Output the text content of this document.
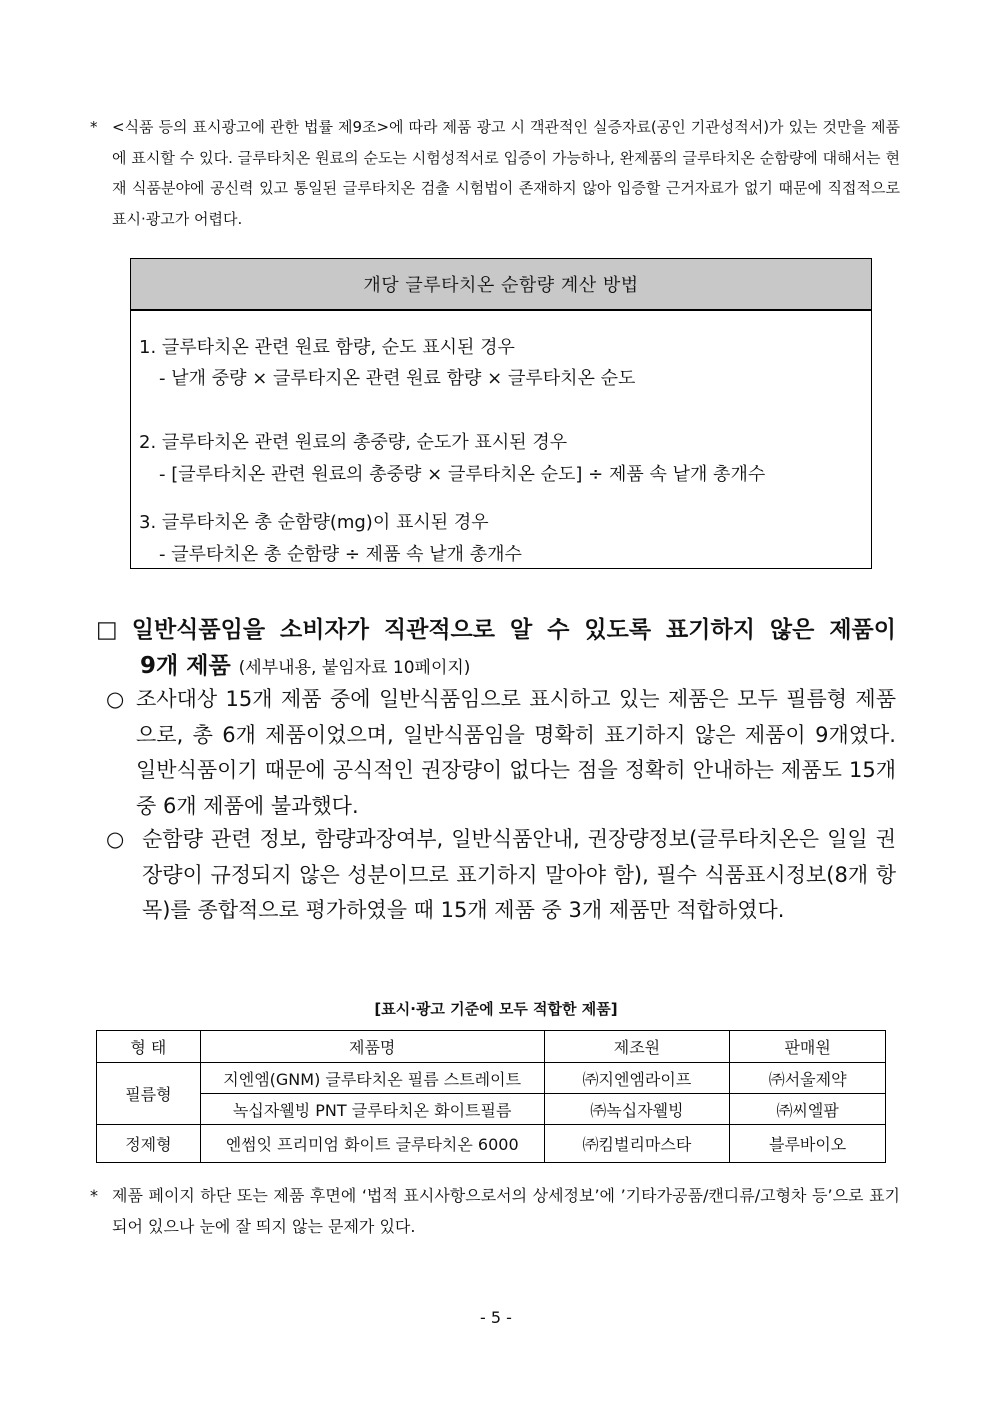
* <식품 등의 표시광고에 관한 법률 제9조>에 따라 제품 광고 시 객관적인 실증자료(공인 기관성적서)가 있는 것만을 제품에 표시할 수 있다. 글루타치온 원료의 순도는 시험성적서로 입증이 가능하나, 완제품의 글루타치온 순함량에 대해서는 현재 식품분야에 공신력 있고 통일된 글루타치온 검출 시험법이 존재하지 않아 입증할 근거자료가 없기 때문에 직접적으로 표시·광고가 어렵다.
개당 글루타치온 순함량 계산 방법
1. 글루타치온 관련 원료 함량, 순도 표시된 경우
- 낱개 중량 × 글루타지온 관련 원료 함량 × 글루타치온 순도
2. 글루타치온 관련 원료의 총중량, 순도가 표시된 경우
- [글루타치온 관련 원료의 총중량 × 글루타치온 순도] ÷ 제품 속 낱개 총개수
3. 글루타치온 총 순함량(mg)이 표시된 경우
- 글루타치온 총 순함량 ÷ 제품 속 낱개 총개수
□ 일반식품임을 소비자가 직관적으로 알 수 있도록 표기하지 않은 제품이
9개 제품 (세부내용, 붙임자료 10페이지)
○ 조사대상 15개 제품 중에 일반식품임으로 표시하고 있는 제품은 모두 필름형 제품으로, 총 6개 제품이었으며, 일반식품임을 명확히 표기하지 않은 제품이 9개였다. 일반식품이기 때문에 공식적인 권장량이 없다는 점을 정확히 안내하는 제품도 15개 중 6개 제품에 불과했다.
○ 순함량 관련 정보, 함량과장여부, 일반식품안내, 권장량정보(글루타치온은 일일 권장량이 규정되지 않은 성분이므로 표기하지 말아야 함), 필수 식품표시정보(8개 항목)를 종합적으로 평가하였을 때 15개 제품 중 3개 제품만 적합하였다.
[표시·광고 기준에 모두 적합한 제품]
형 태	제품명	제조원	판매원
필름형	지엔엠(GNM) 글루타치온 필름 스트레이트	㈜지엔엠라이프	㈜서울제약
	녹십자웰빙 PNT 글루타치온 화이트필름	㈜녹십자웰빙	㈜씨엘팜
정제형	엔썸잇 프리미엄 화이트 글루타치온 6000	㈜킴벌리마스타	블루바이오
* 제품 페이지 하단 또는 제품 후면에 ‘법적 표시사항으로서의 상세정보’에 ’기타가공품/캔디류/고형차 등’으로 표기되어 있으나 눈에 잘 띄지 않는 문제가 있다.
- 5 -
